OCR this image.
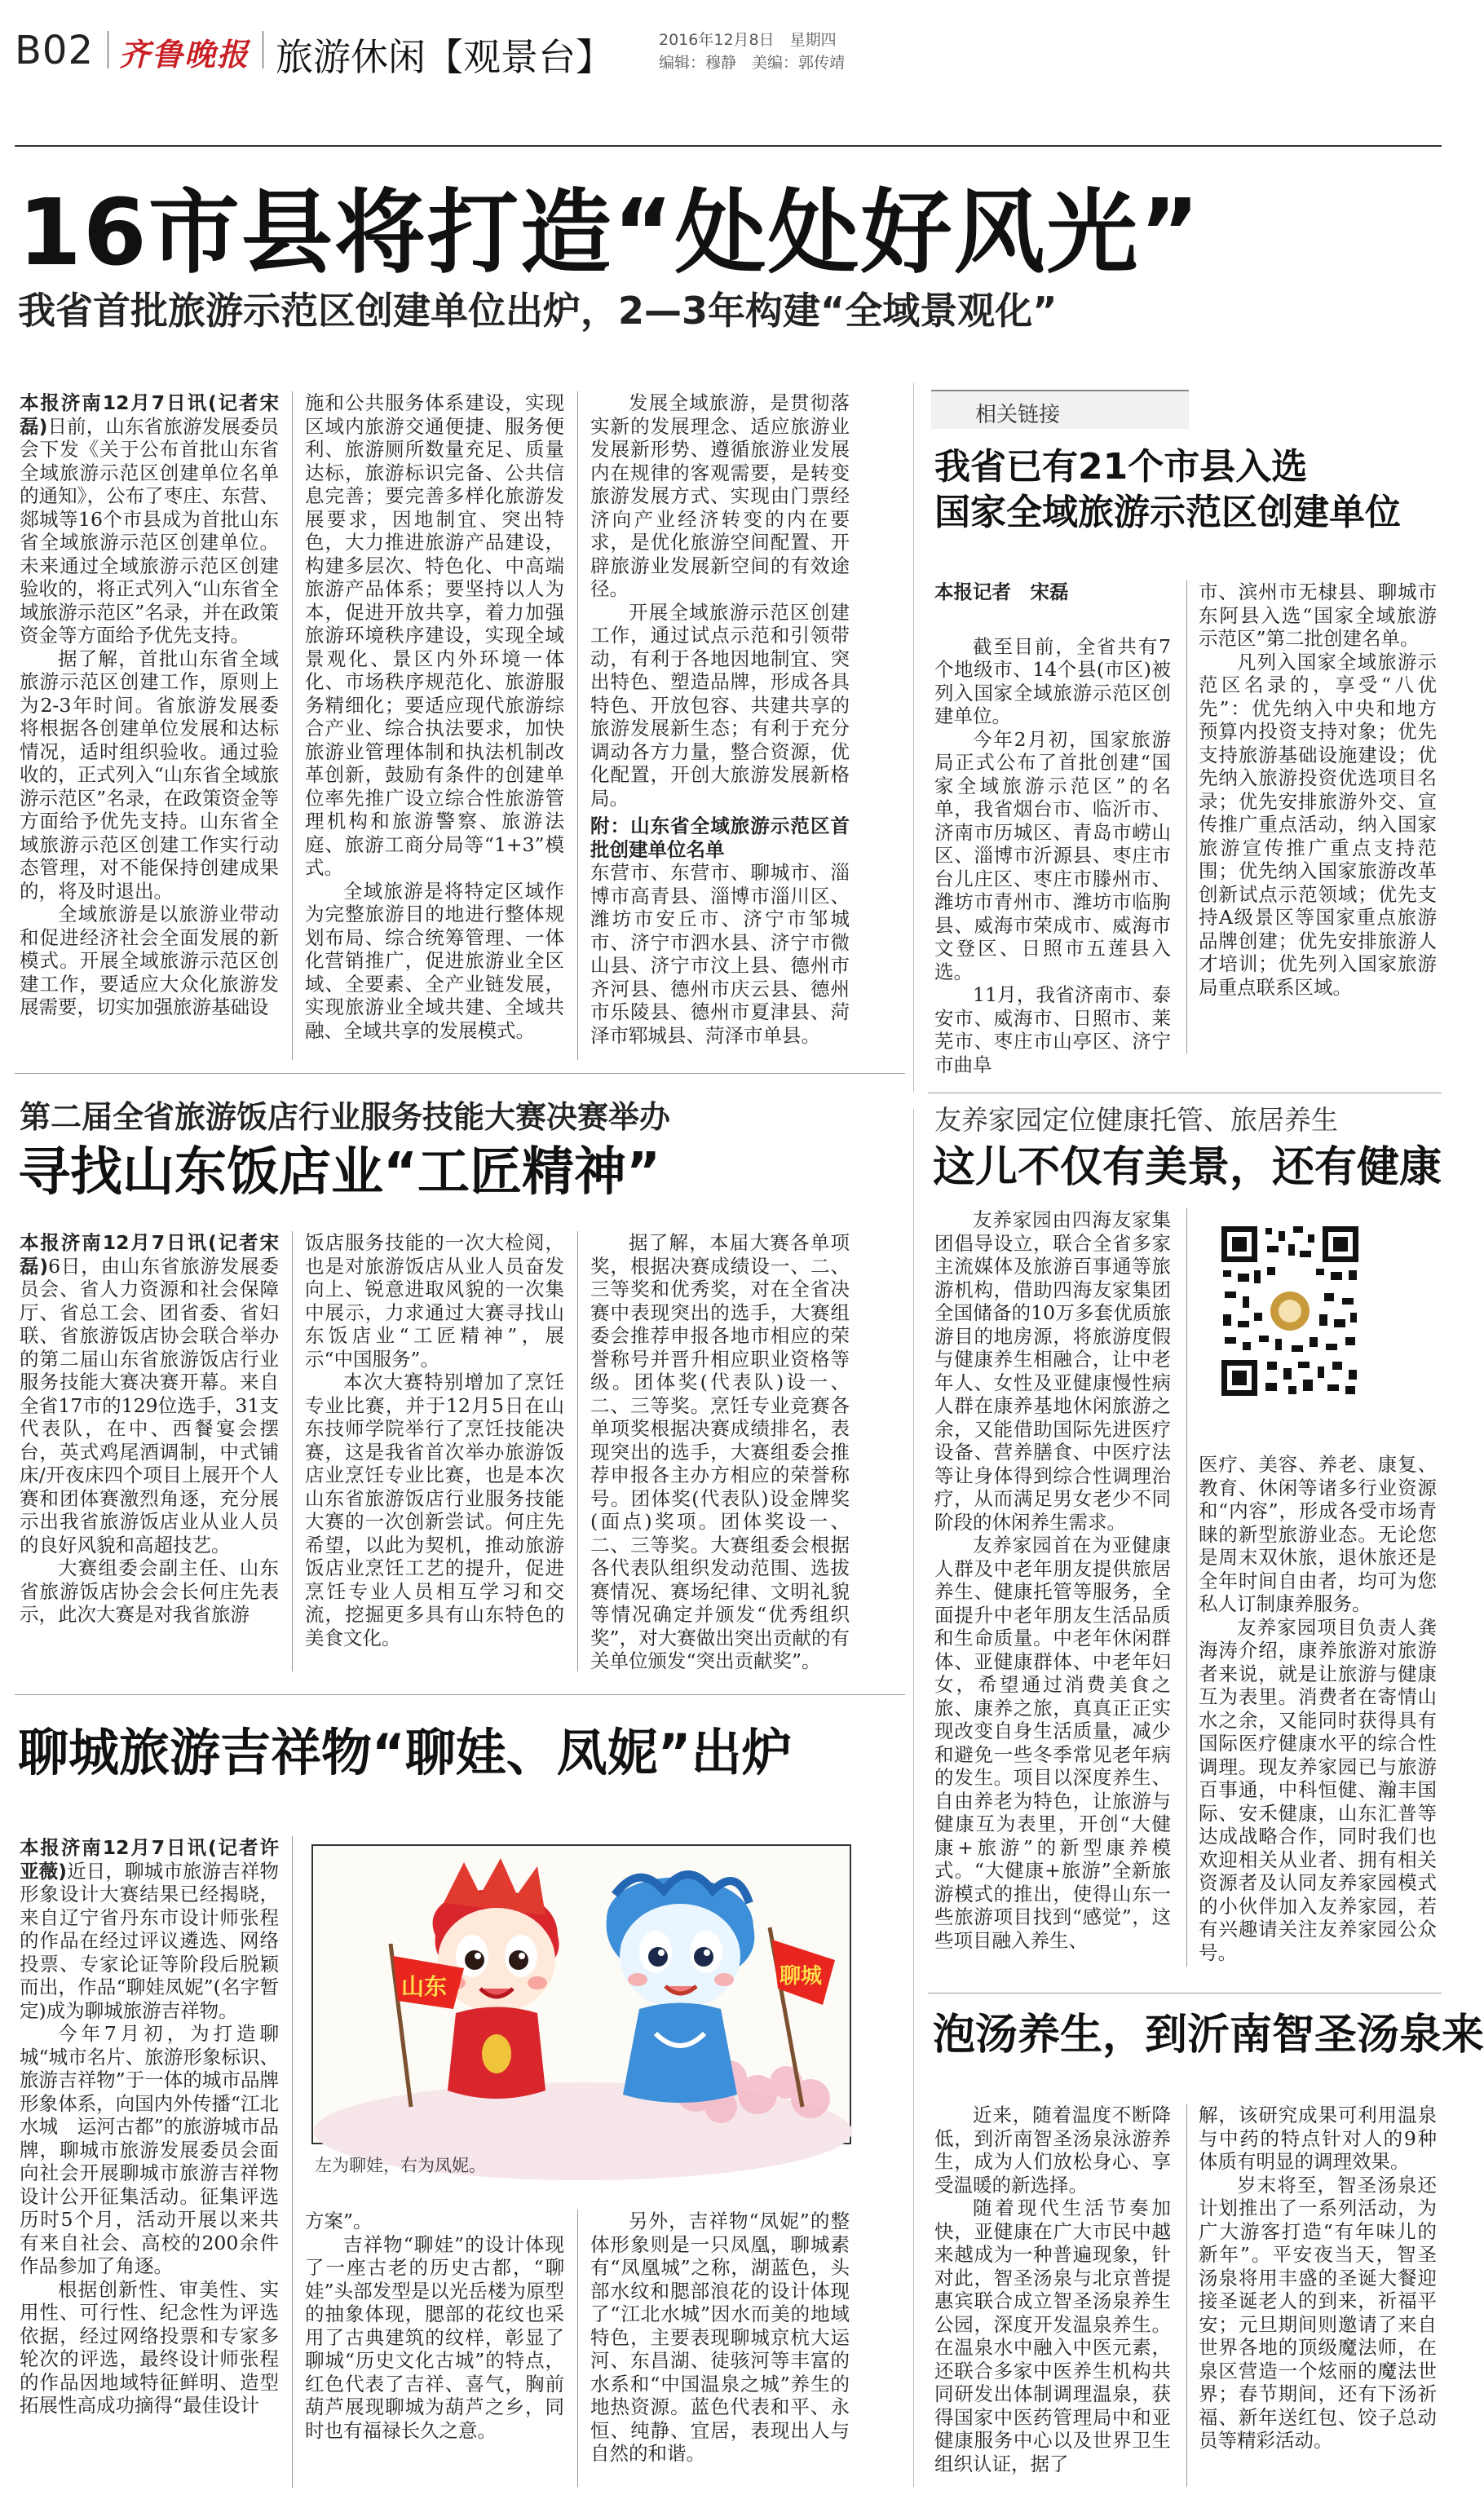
B02 齐鲁晚报 旅游休闲【观景台】	2016年12月8日　星期四
编辑：穆静　美编：郭传靖
16市县将打造“处处好风光”
我省首批旅游示范区创建单位出炉，2—3年构建“全域景观化”

本报济南12月7日讯(记者宋磊)日前，山东省旅游发展委员会下发《关于公布首批山东省全域旅游示范区创建单位名单的通知》，公布了枣庄、东营、郯城等16个市县成为首批山东省全域旅游示范区创建单位。未来通过全域旅游示范区创建验收的，将正式列入“山东省全域旅游示范区”名录，并在政策资金等方面给予优先支持。

据了解，首批山东省全域旅游示范区创建工作，原则上为2-3年时间。省旅游发展委将根据各创建单位发展和达标情况，适时组织验收。通过验收的，正式列入“山东省全域旅游示范区”名录，在政策资金等方面给予优先支持。山东省全域旅游示范区创建工作实行动态管理，对不能保持创建成果的，将及时退出。

全域旅游是以旅游业带动和促进经济社会全面发展的新模式。开展全域旅游示范区创建工作，要适应大众化旅游发展需要，切实加强旅游基础设

施和公共服务体系建设，实现区域内旅游交通便捷、服务便利、旅游厕所数量充足、质量达标，旅游标识完备、公共信息完善；要完善多样化旅游发展要求，因地制宜、突出特色，大力推进旅游产品建设，构建多层次、特色化、中高端旅游产品体系；要坚持以人为本，促进开放共享，着力加强旅游环境秩序建设，实现全域景观化、景区内外环境一体化、市场秩序规范化、旅游服务精细化；要适应现代旅游综合产业、综合执法要求，加快旅游业管理体制和执法机制改革创新，鼓励有条件的创建单位率先推广设立综合性旅游管理机构和旅游警察、旅游法庭、旅游工商分局等“1+3”模式。

全域旅游是将特定区域作为完整旅游目的地进行整体规划布局、综合统筹管理、一体化营销推广，促进旅游业全区域、全要素、全产业链发展，实现旅游业全域共建、全域共融、全域共享的发展模式。

发展全域旅游，是贯彻落实新的发展理念、适应旅游业发展新形势、遵循旅游业发展内在规律的客观需要，是转变旅游发展方式、实现由门票经济向产业经济转变的内在要求，是优化旅游空间配置、开辟旅游业发展新空间的有效途径。

开展全域旅游示范区创建工作，通过试点示范和引领带动，有利于各地因地制宜、突出特色、塑造品牌，形成各具特色、开放包容、共建共享的旅游发展新生态；有利于充分调动各方力量，整合资源，优化配置，开创大旅游发展新格局。

附：山东省全域旅游示范区首批创建单位名单

东营市、东营市、聊城市、淄博市高青县、淄博市淄川区、潍坊市安丘市、济宁市邹城市、济宁市泗水县、济宁市微山县、济宁市汶上县、德州市齐河县、德州市庆云县、德州市乐陵县、德州市夏津县、菏泽市郓城县、菏泽市单县。

相关链接
我省已有21个市县入选
国家全域旅游示范区创建单位

本报记者　宋磊

截至目前，全省共有7个地级市、14个县(市区)被列入国家全域旅游示范区创建单位。

今年2月初，国家旅游局正式公布了首批创建“国家全域旅游示范区”的名单，我省烟台市、临沂市、济南市历城区、青岛市崂山区、淄博市沂源县、枣庄市台儿庄区、枣庄市滕州市、潍坊市青州市、潍坊市临朐县、威海市荣成市、威海市文登区、日照市五莲县入选。

11月，我省济南市、泰安市、威海市、日照市、莱芜市、枣庄市山亭区、济宁市曲阜

市、滨州市无棣县、聊城市东阿县入选“国家全域旅游示范区”第二批创建名单。

凡列入国家全域旅游示范区名录的，享受“八优先”：优先纳入中央和地方预算内投资支持对象；优先支持旅游基础设施建设；优先纳入旅游投资优选项目名录；优先安排旅游外交、宣传推广重点活动，纳入国家旅游宣传推广重点支持范围；优先纳入国家旅游改革创新试点示范领域；优先支持A级景区等国家重点旅游品牌创建；优先安排旅游人才培训；优先列入国家旅游局重点联系区域。

第二届全省旅游饭店行业服务技能大赛决赛举办
寻找山东饭店业“工匠精神”

本报济南12月7日讯(记者宋磊)6日，由山东省旅游发展委员会、省人力资源和社会保障厅、省总工会、团省委、省妇联、省旅游饭店协会联合举办的第二届山东省旅游饭店行业服务技能大赛决赛开幕。来自全省17市的129位选手，31支代表队，在中、西餐宴会摆台，英式鸡尾酒调制，中式铺床/开夜床四个项目上展开个人赛和团体赛激烈角逐，充分展示出我省旅游饭店业从业人员的良好风貌和高超技艺。

大赛组委会副主任、山东省旅游饭店协会会长何庄先表示，此次大赛是对我省旅游

饭店服务技能的一次大检阅，也是对旅游饭店从业人员奋发向上、锐意进取风貌的一次集中展示，力求通过大赛寻找山东饭店业“工匠精神”，展示“中国服务”。

本次大赛特别增加了烹饪专业比赛，并于12月5日在山东技师学院举行了烹饪技能决赛，这是我省首次举办旅游饭店业烹饪专业比赛，也是本次山东省旅游饭店行业服务技能大赛的一次创新尝试。何庄先希望，以此为契机，推动旅游饭店业烹饪工艺的提升，促进烹饪专业人员相互学习和交流，挖掘更多具有山东特色的美食文化。

据了解，本届大赛各单项奖，根据决赛成绩设一、二、三等奖和优秀奖，对在全省决赛中表现突出的选手，大赛组委会推荐申报各地市相应的荣誉称号并晋升相应职业资格等级。团体奖(代表队)设一、二、三等奖。烹饪专业竞赛各单项奖根据决赛成绩排名，表现突出的选手，大赛组委会推荐申报各主办方相应的荣誉称号。团体奖(代表队)设金牌奖(面点)奖项。团体奖设一、二、三等奖。大赛组委会根据各代表队组织发动范围、选拔赛情况、赛场纪律、文明礼貌等情况确定并颁发“优秀组织奖”，对大赛做出突出贡献的有关单位颁发“突出贡献奖”。

聊城旅游吉祥物“聊娃、凤妮”出炉

本报济南12月7日讯(记者许亚薇)近日，聊城市旅游吉祥物形象设计大赛结果已经揭晓，来自辽宁省丹东市设计师张程的作品在经过评议遴选、网络投票、专家论证等阶段后脱颖而出，作品“聊娃凤妮”(名字暂定)成为聊城旅游吉祥物。

今年7月初，为打造聊城“城市名片、旅游形象标识、旅游吉祥物”于一体的城市品牌形象体系，向国内外传播“江北水城　运河古都”的旅游城市品牌，聊城市旅游发展委员会面向社会开展聊城市旅游吉祥物设计公开征集活动。征集评选历时5个月，活动开展以来共有来自社会、高校的200余件作品参加了角逐。

根据创新性、审美性、实用性、可行性、纪念性为评选依据，经过网络投票和专家多轮次的评选，最终设计师张程的作品因地域特征鲜明、造型拓展性高成功摘得“最佳设计

山东	聊城
左为聊娃，右为凤妮。

方案”。

吉祥物“聊娃”的设计体现了一座古老的历史古都，“聊娃”头部发型是以光岳楼为原型的抽象体现，腮部的花纹也采用了古典建筑的纹样，彰显了聊城“历史文化古城”的特点，红色代表了吉祥、喜气，胸前葫芦展现聊城为葫芦之乡，同时也有福禄长久之意。

另外，吉祥物“凤妮”的整体形象则是一只凤凰，聊城素有“凤凰城”之称，湖蓝色，头部水纹和腮部浪花的设计体现了“江北水城”因水而美的地域特色，主要表现聊城京杭大运河、东昌湖、徒骇河等丰富的水系和“中国温泉之城”养生的地热资源。蓝色代表和平、永恒、纯静、宜居，表现出人与自然的和谐。

友养家园定位健康托管、旅居养生
这儿不仅有美景，还有健康

友养家园由四海友家集团倡导设立，联合全省多家主流媒体及旅游百事通等旅游机构，借助四海友家集团全国储备的10万多套优质旅游目的地房源，将旅游度假与健康养生相融合，让中老年人、女性及亚健康慢性病人群在康养基地休闲旅游之余，又能借助国际先进医疗设备、营养膳食、中医疗法等让身体得到综合性调理治疗，从而满足男女老少不同阶段的休闲养生需求。

友养家园首在为亚健康人群及中老年朋友提供旅居养生、健康托管等服务，全面提升中老年朋友生活品质和生命质量。中老年休闲群体、亚健康群体、中老年妇女，希望通过消费美食之旅、康养之旅，真真正正实现改变自身生活质量，减少和避免一些冬季常见老年病的发生。项目以深度养生、自由养老为特色，让旅游与健康互为表里，开创“大健康+旅游”的新型康养模式。“大健康+旅游”全新旅游模式的推出，使得山东一些旅游项目找到“感觉”，这些项目融入养生、

医疗、美容、养老、康复、教育、休闲等诸多行业资源和“内容”，形成各受市场青睐的新型旅游业态。无论您是周末双休旅，退休旅还是全年时间自由者，均可为您私人订制康养服务。

友养家园项目负责人龚海涛介绍，康养旅游对旅游者来说，就是让旅游与健康互为表里。消费者在寄情山水之余，又能同时获得具有国际医疗健康水平的综合性调理。现友养家园已与旅游百事通，中科恒健、瀚丰国际、安禾健康，山东汇普等达成战略合作，同时我们也欢迎相关从业者、拥有相关资源者及认同友养家园模式的小伙伴加入友养家园，若有兴趣请关注友养家园公众号。

泡汤养生，到沂南智圣汤泉来

近来，随着温度不断降低，到沂南智圣汤泉泳游养生，成为人们放松身心、享受温暖的新选择。

随着现代生活节奏加快，亚健康在广大市民中越来越成为一种普遍现象，针对此，智圣汤泉与北京普提惠宾联合成立智圣汤泉养生公园，深度开发温泉养生。在温泉水中融入中医元素，还联合多家中医养生机构共同研发出体制调理温泉，获得国家中医药管理局中和亚健康服务中心以及世界卫生组织认证，据了

解，该研究成果可利用温泉与中药的特点针对人的9种体质有明显的调理效果。

岁末将至，智圣汤泉还计划推出了一系列活动，为广大游客打造“有年味儿的新年”。平安夜当天，智圣汤泉将用丰盛的圣诞大餐迎接圣诞老人的到来，祈福平安；元旦期间则邀请了来自世界各地的顶级魔法师，在泉区营造一个炫丽的魔法世界；春节期间，还有下汤祈福、新年送红包、饺子总动员等精彩活动。
